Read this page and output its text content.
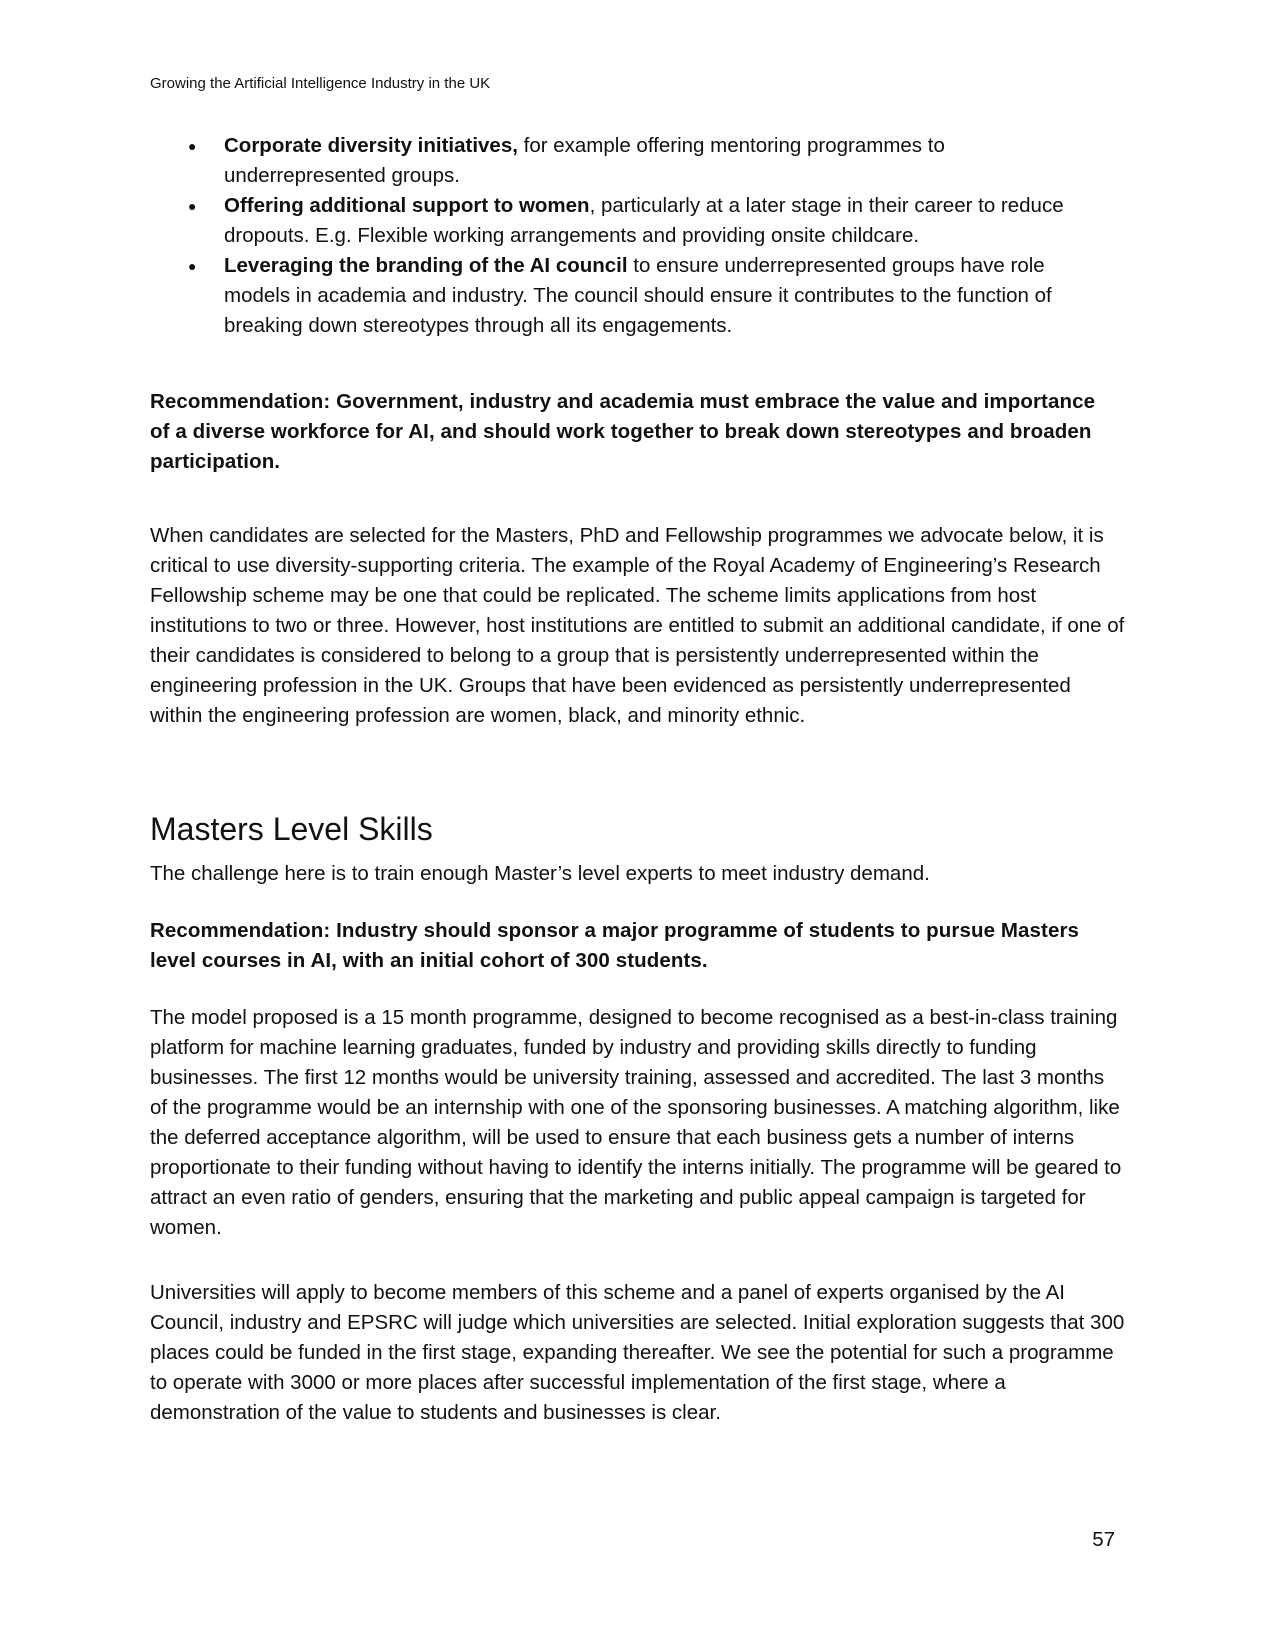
Growing the Artificial Intelligence Industry in the UK
● Corporate diversity initiatives, for example offering mentoring programmes to underrepresented groups.
● Offering additional support to women, particularly at a later stage in their career to reduce dropouts. E.g. Flexible working arrangements and providing onsite childcare.
● Leveraging the branding of the AI council to ensure underrepresented groups have role models in academia and industry. The council should ensure it contributes to the function of breaking down stereotypes through all its engagements.

Recommendation: Government, industry and academia must embrace the value and importance of a diverse workforce for AI, and should work together to break down stereotypes and broaden participation.

When candidates are selected for the Masters, PhD and Fellowship programmes we advocate below, it is critical to use diversity-supporting criteria. The example of the Royal Academy of Engineering’s Research Fellowship scheme may be one that could be replicated. The scheme limits applications from host institutions to two or three. However, host institutions are entitled to submit an additional candidate, if one of their candidates is considered to belong to a group that is persistently underrepresented within the engineering profession in the UK. Groups that have been evidenced as persistently underrepresented within the engineering profession are women, black, and minority ethnic.

Masters Level Skills

The challenge here is to train enough Master’s level experts to meet industry demand.

Recommendation: Industry should sponsor a major programme of students to pursue Masters level courses in AI, with an initial cohort of 300 students.

The model proposed is a 15 month programme, designed to become recognised as a best-in-class training platform for machine learning graduates, funded by industry and providing skills directly to funding businesses. The first 12 months would be university training, assessed and accredited. The last 3 months of the programme would be an internship with one of the sponsoring businesses. A matching algorithm, like the deferred acceptance algorithm, will be used to ensure that each business gets a number of interns proportionate to their funding without having to identify the interns initially. The programme will be geared to attract an even ratio of genders, ensuring that the marketing and public appeal campaign is targeted for women.

Universities will apply to become members of this scheme and a panel of experts organised by the AI Council, industry and EPSRC will judge which universities are selected. Initial exploration suggests that 300 places could be funded in the first stage, expanding thereafter. We see the potential for such a programme to operate with 3000 or more places after successful implementation of the first stage, where a demonstration of the value to students and businesses is clear.

57
